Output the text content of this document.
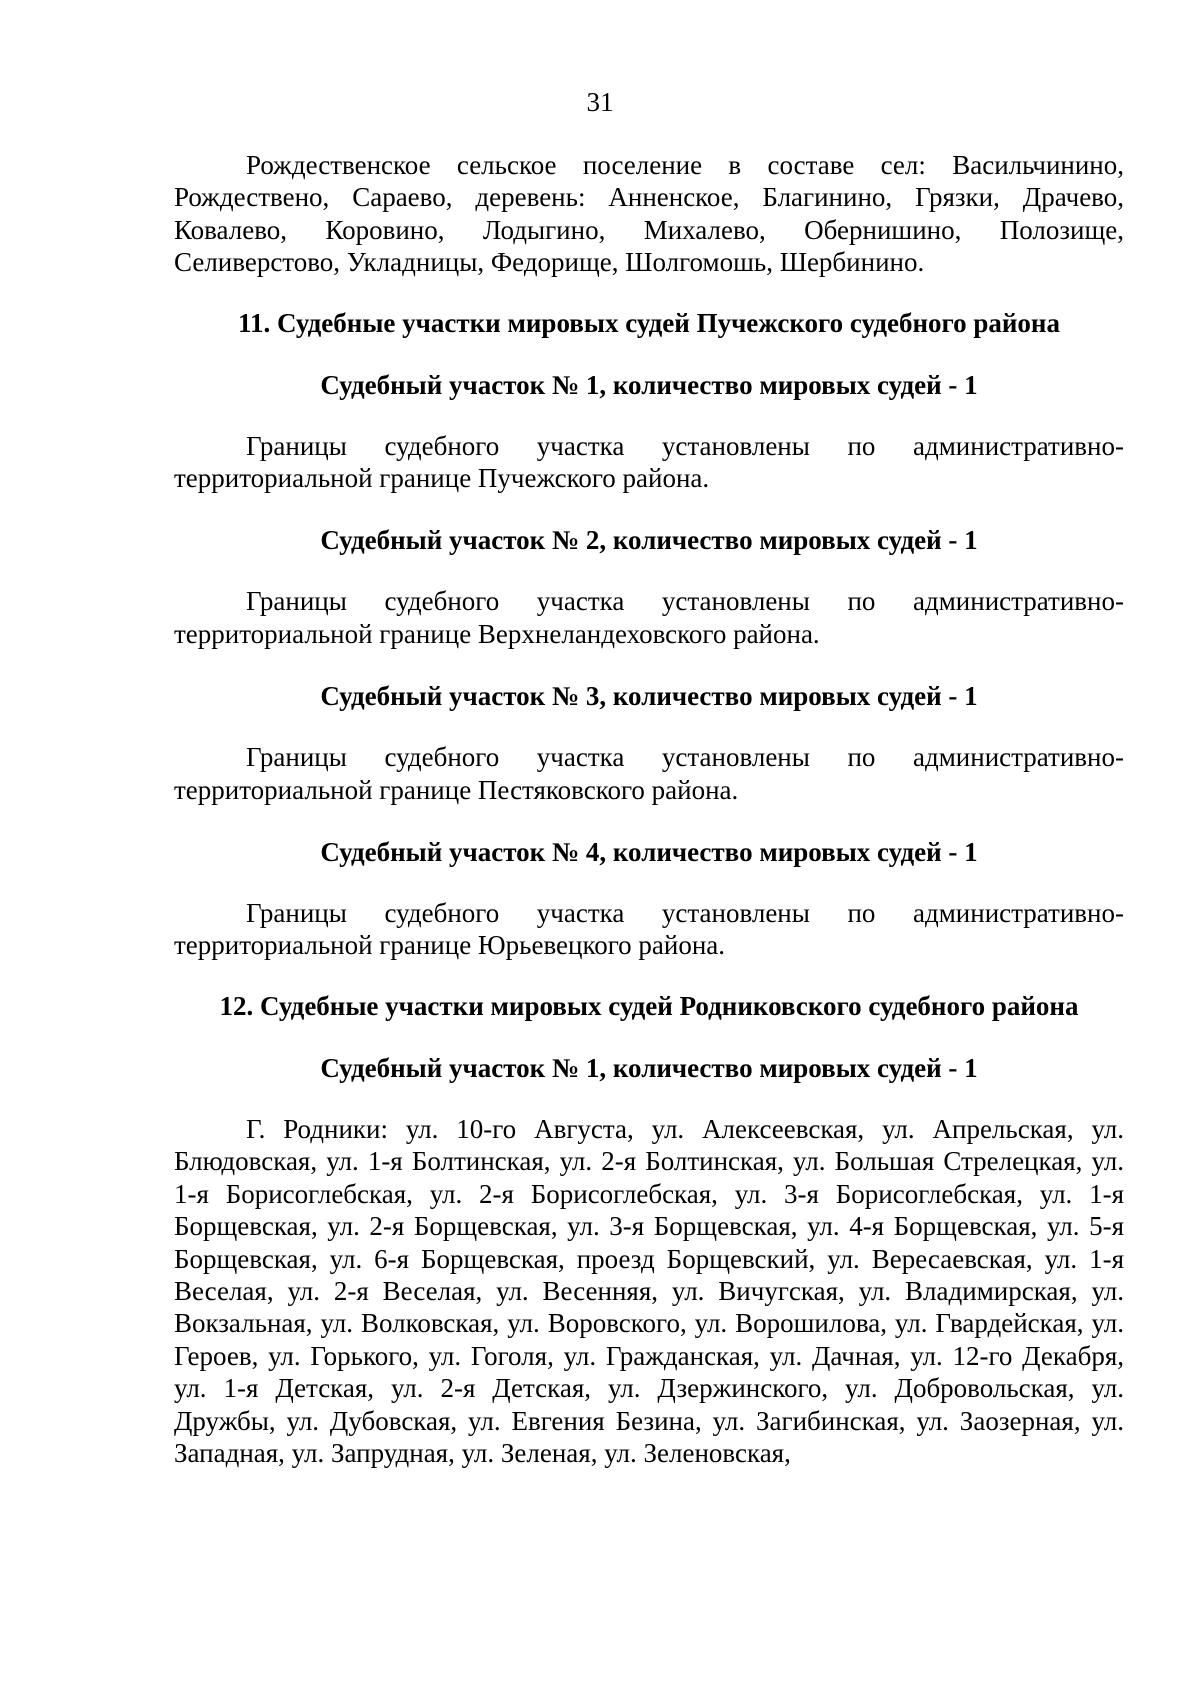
31

Рождественское сельское поселение в составе сел: Васильчинино, Рождествено, Сараево, деревень: Анненское, Благинино, Грязки, Драчево, Ковалево, Коровино, Лодыгино, Михалево, Обернишино, Полозище, Селиверстово, Укладницы, Федорище, Шолгомошь, Шербинино.

11. Судебные участки мировых судей Пучежского судебного района
Судебный участок № 1, количество мировых судей - 1

Границы судебного участка установлены по административно-территориальной границе Пучежского района.

Судебный участок № 2, количество мировых судей - 1

Границы судебного участка установлены по административно-территориальной границе Верхнеландеховского района.

Судебный участок № 3, количество мировых судей - 1

Границы судебного участка установлены по административно-территориальной границе Пестяковского района.

Судебный участок № 4, количество мировых судей - 1

Границы судебного участка установлены по административно-территориальной границе Юрьевецкого района.

12. Судебные участки мировых судей Родниковского судебного района
Судебный участок № 1, количество мировых судей - 1

Г. Родники: ул. 10-го Августа, ул. Алексеевская, ул. Апрельская, ул. Блюдовская, ул. 1-я Болтинская, ул. 2-я Болтинская, ул. Большая Стрелецкая, ул. 1-я Борисоглебская, ул. 2-я Борисоглебская, ул. 3-я Борисоглебская, ул. 1-я Борщевская, ул. 2-я Борщевская, ул. 3-я Борщевская, ул. 4-я Борщевская, ул. 5-я Борщевская, ул. 6-я Борщевская, проезд Борщевский, ул. Вересаевская, ул. 1-я Веселая, ул. 2-я Веселая, ул. Весенняя, ул. Вичугская, ул. Владимирская, ул. Вокзальная, ул. Волковская, ул. Воровского, ул. Ворошилова, ул. Гвардейская, ул. Героев, ул. Горького, ул. Гоголя, ул. Гражданская, ул. Дачная, ул. 12-го Декабря, ул. 1-я Детская, ул. 2-я Детская, ул. Дзержинского, ул. Добровольская, ул. Дружбы, ул. Дубовская, ул. Евгения Безина, ул. Загибинская, ул. Заозерная, ул. Западная, ул. Запрудная, ул. Зеленая, ул. Зеленовская,
